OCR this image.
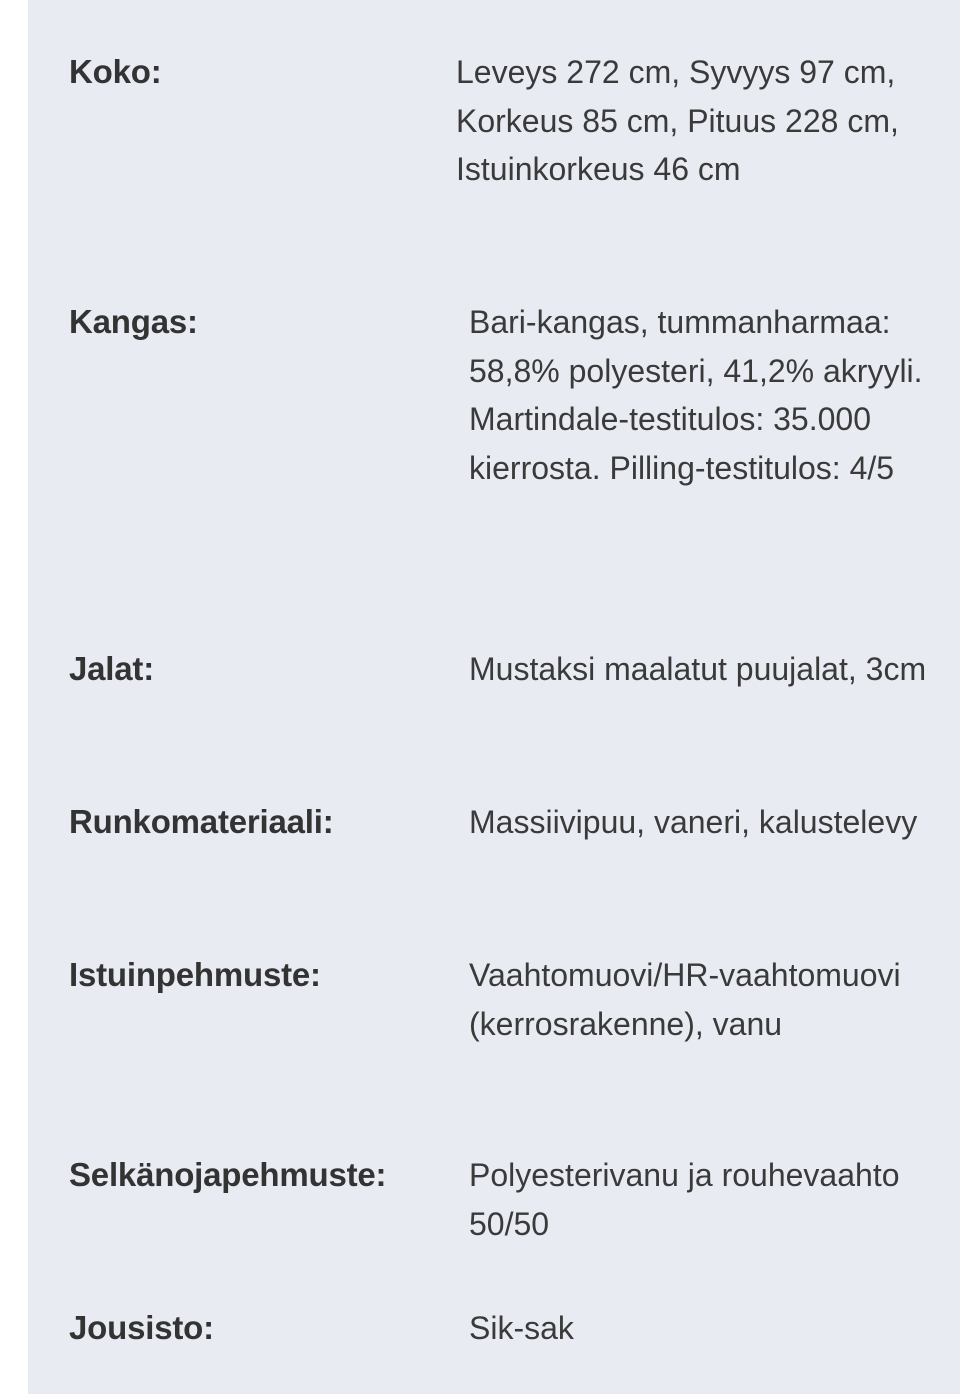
Koko:	Leveys 272 cm, Syvyys 97 cm, Korkeus 85 cm, Pituus 228 cm, Istuinkorkeus 46 cm
Kangas:	Bari-kangas, tummanharmaa: 58,8% polyesteri, 41,2% akryyli. Martindale-testitulos: 35.000 kierrosta. Pilling-testitulos: 4/5
Jalat:	Mustaksi maalatut puujalat, 3cm
Runkomateriaali:	Massiivipuu, vaneri, kalustelevy
Istuinpehmuste:	Vaahtomuovi/HR-vaahtomuovi (kerrosrakenne), vanu
Selkänojapehmuste:	Polyesterivanu ja rouhevaahto 50/50
Jousisto:	Sik-sak
